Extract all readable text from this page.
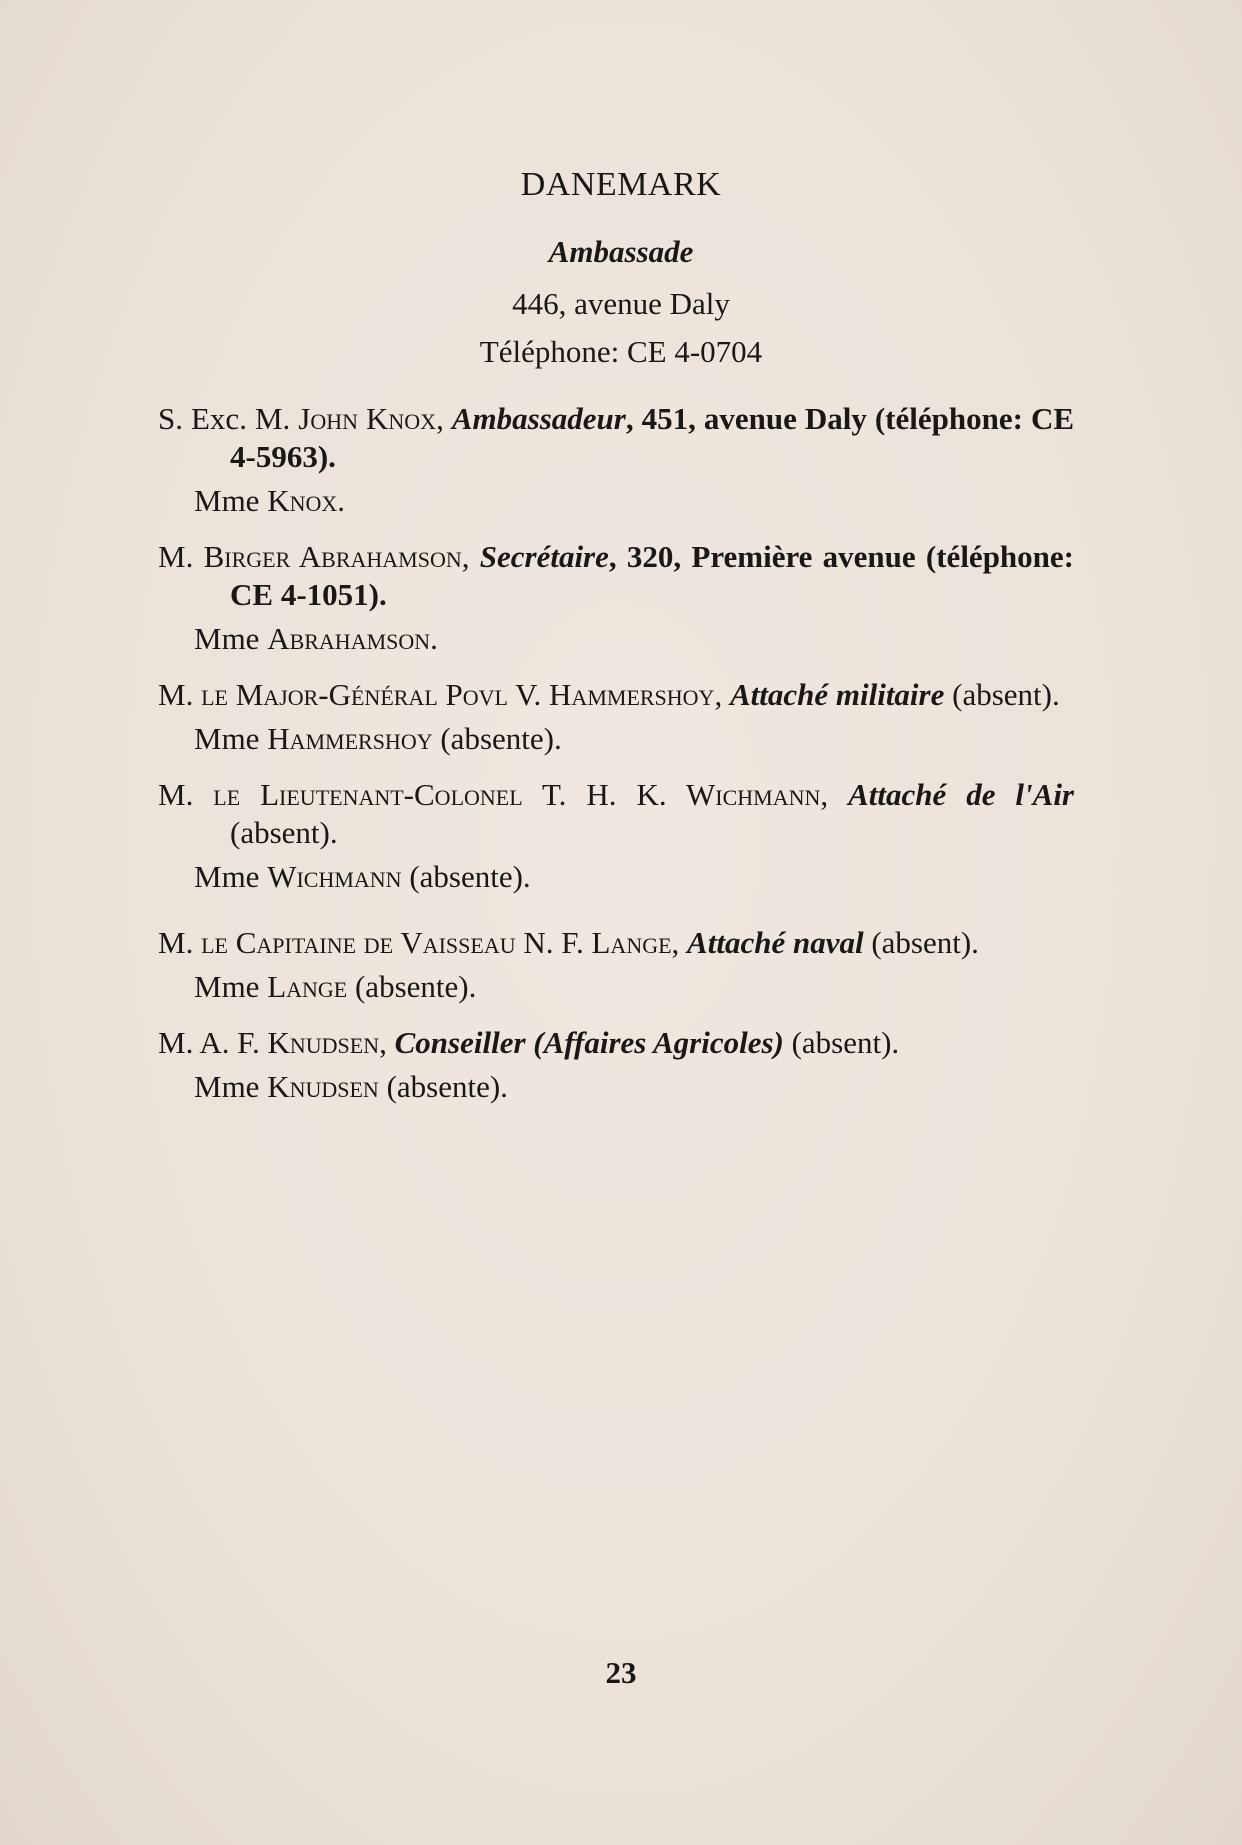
DANEMARK
Ambassade
446, avenue Daly
Téléphone: CE 4-0704
S. Exc. M. John Knox, Ambassadeur, 451, avenue Daly (téléphone: CE 4-5963).
Mme Knox.
M. Birger Abrahamson, Secrétaire, 320, Première avenue (téléphone: CE 4-1051).
Mme Abrahamson.
M. le Major-Général Povl V. Hammershoy, Attaché militaire (absent).
Mme Hammershoy (absente).
M. le Lieutenant-Colonel T. H. K. Wichmann, Attaché de l'Air (absent).
Mme Wichmann (absente).
M. le Capitaine de Vaisseau N. F. Lange, Attaché naval (absent).
Mme Lange (absente).
M. A. F. Knudsen, Conseiller (Affaires Agricoles) (absent).
Mme Knudsen (absente).
23
